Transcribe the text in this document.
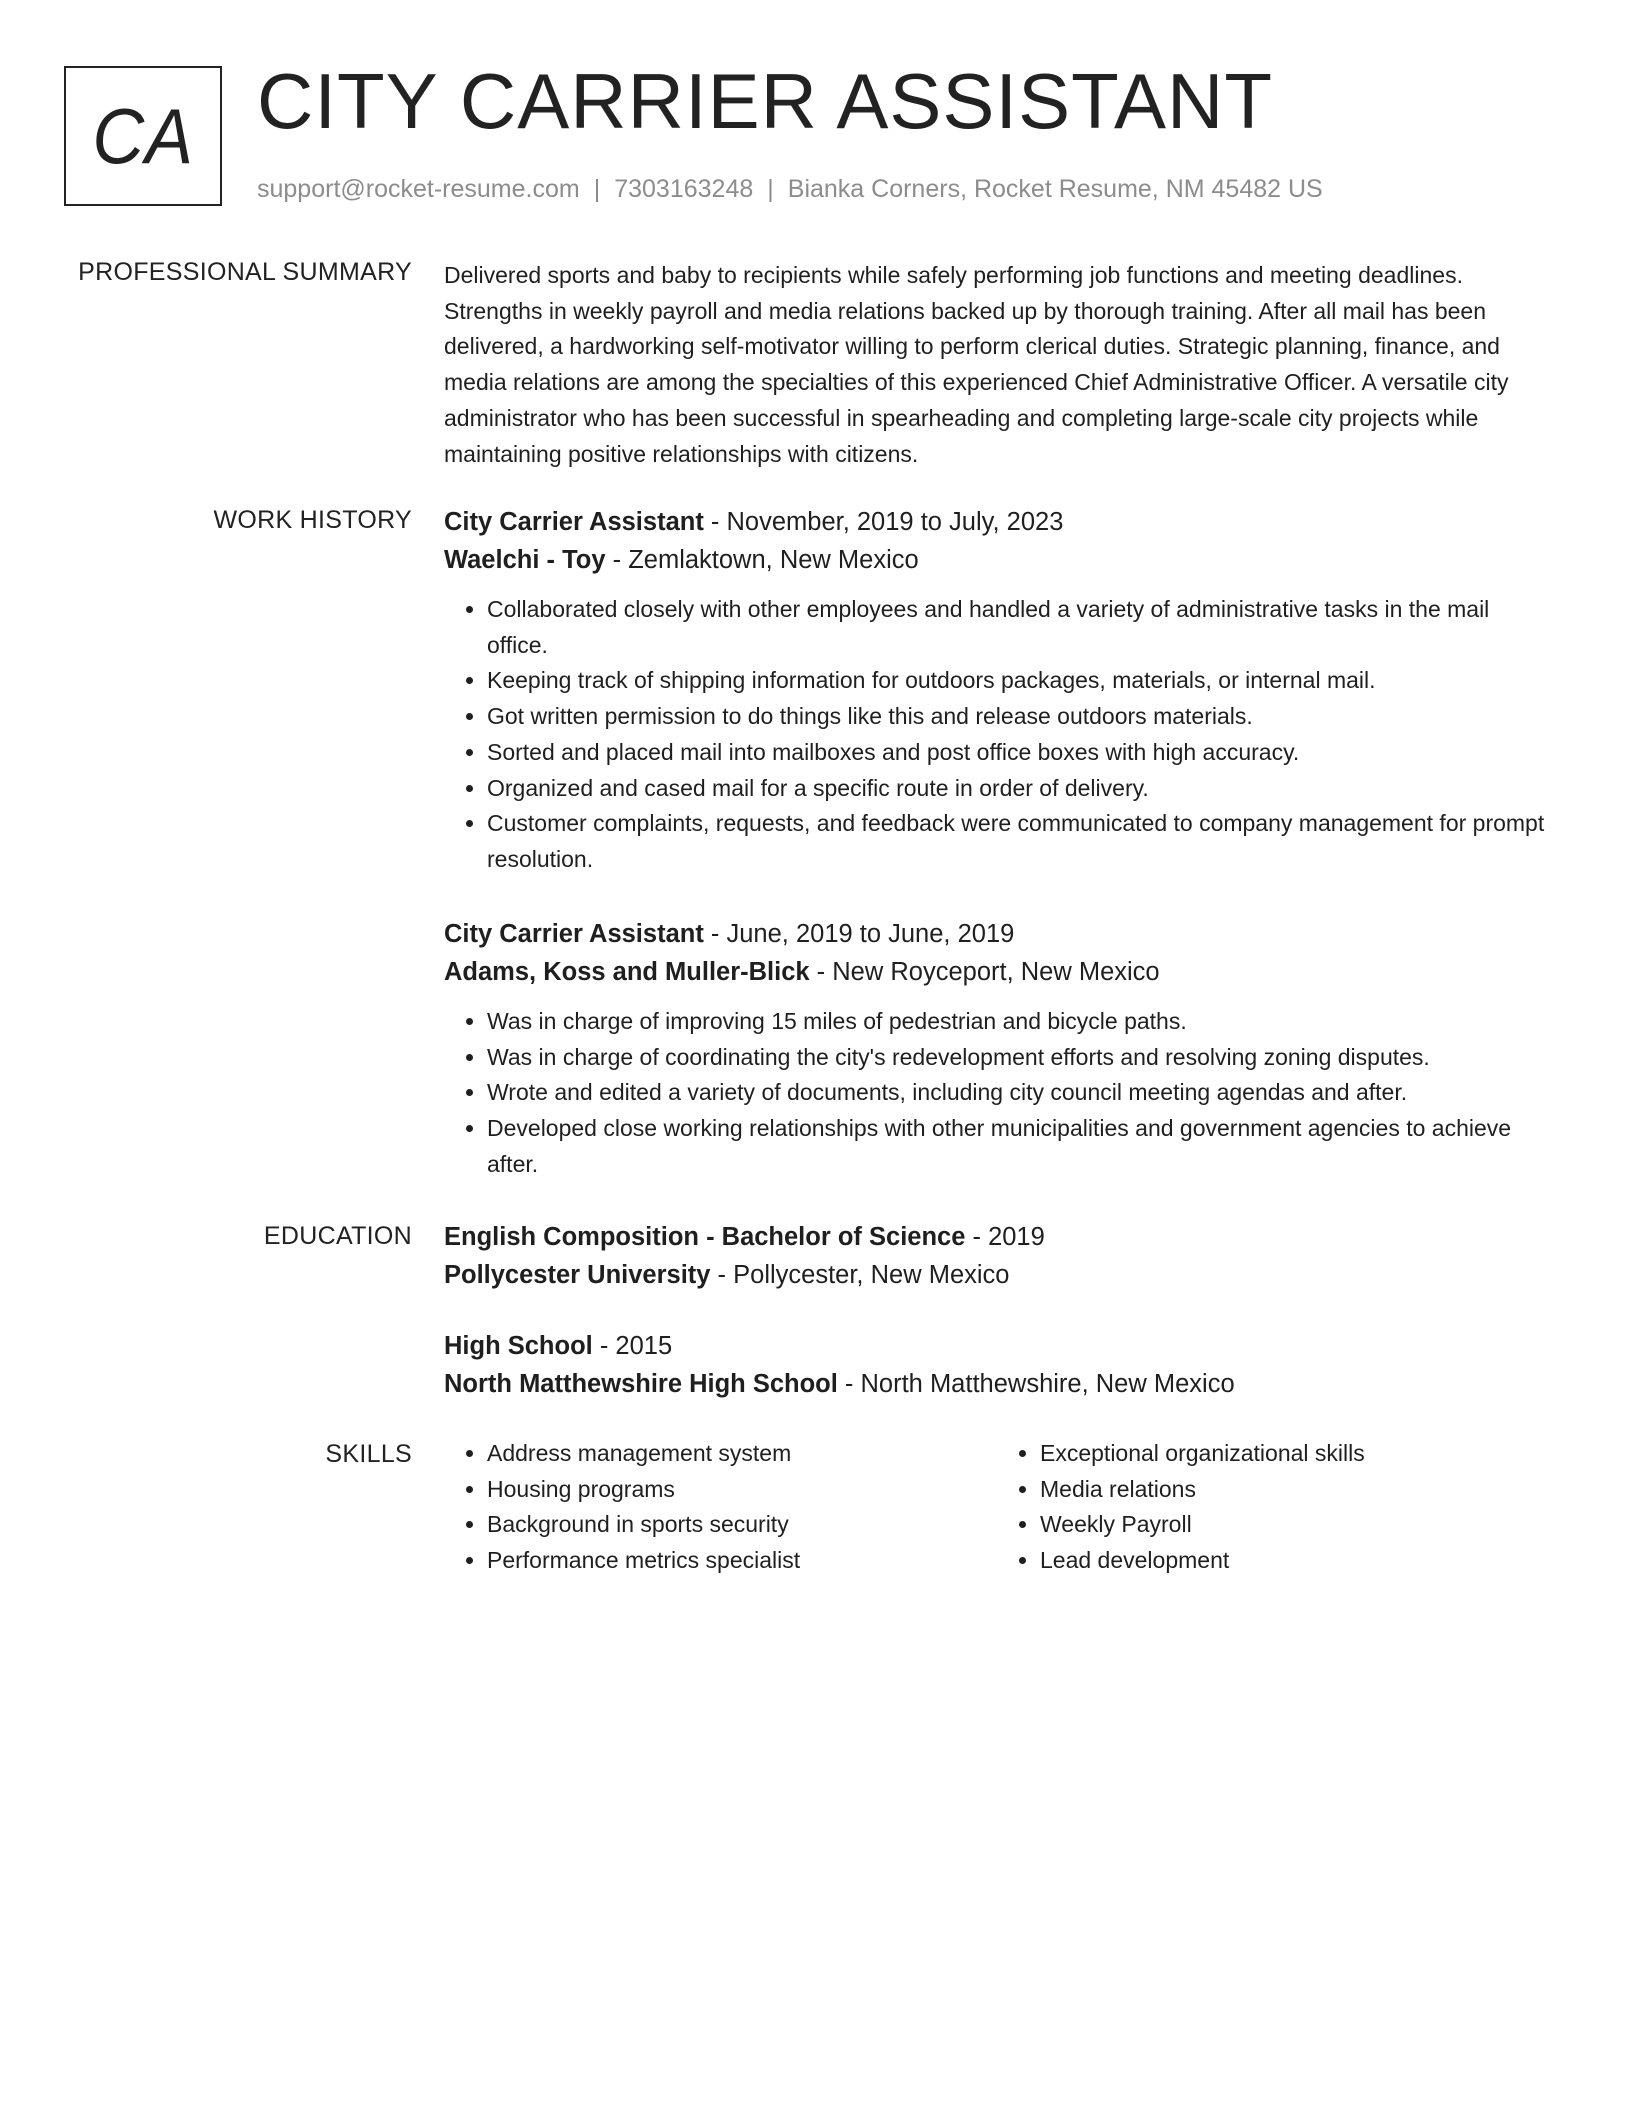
CA CITY CARRIER ASSISTANT
support@rocket-resume.com | 7303163248 | Bianka Corners, Rocket Resume, NM 45482 US
PROFESSIONAL SUMMARY Delivered sports and baby to recipients while safely performing job functions and meeting deadlines. Strengths in weekly payroll and media relations backed up by thorough training. After all mail has been delivered, a hardworking self-motivator willing to perform clerical duties. Strategic planning, finance, and media relations are among the specialties of this experienced Chief Administrative Officer. A versatile city administrator who has been successful in spearheading and completing large-scale city projects while maintaining positive relationships with citizens.
WORK HISTORY City Carrier Assistant - November, 2019 to July, 2023
Waelchi - Toy - Zemlaktown, New Mexico
• Collaborated closely with other employees and handled a variety of administrative tasks in the mail office.
• Keeping track of shipping information for outdoors packages, materials, or internal mail.
• Got written permission to do things like this and release outdoors materials.
• Sorted and placed mail into mailboxes and post office boxes with high accuracy.
• Organized and cased mail for a specific route in order of delivery.
• Customer complaints, requests, and feedback were communicated to company management for prompt resolution.
City Carrier Assistant - June, 2019 to June, 2019
Adams, Koss and Muller-Blick - New Royceport, New Mexico
• Was in charge of improving 15 miles of pedestrian and bicycle paths.
• Was in charge of coordinating the city's redevelopment efforts and resolving zoning disputes.
• Wrote and edited a variety of documents, including city council meeting agendas and after.
• Developed close working relationships with other municipalities and government agencies to achieve after.
EDUCATION English Composition - Bachelor of Science - 2019
Pollycester University - Pollycester, New Mexico
High School - 2015
North Matthewshire High School - North Matthewshire, New Mexico
SKILLS
•	Address management system
• Housing programs
• Background in sports security
• Performance metrics specialist
• Exceptional organizational skills
• Media relations
• Weekly Payroll
• Lead development
